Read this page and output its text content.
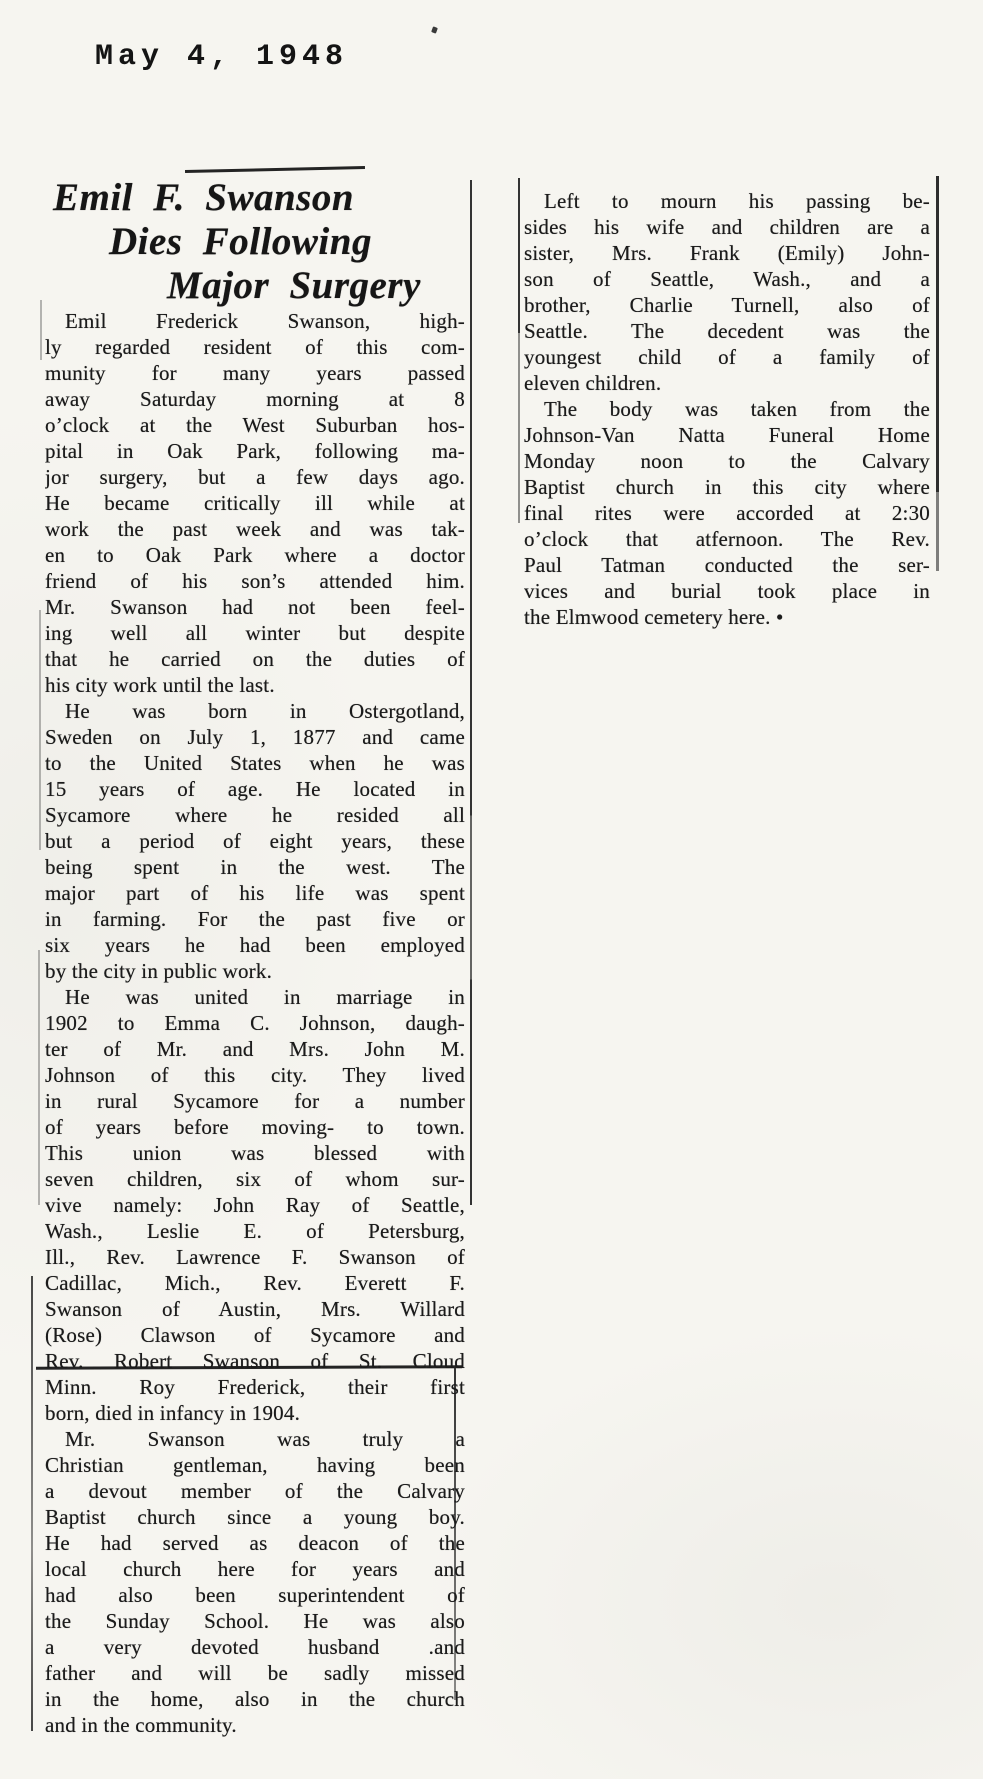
May 4, 1948
Emil F. Swanson
Dies Following
Major Surgery
Emil Frederick Swanson, high-
ly regarded resident of this com-
munity for many years passed
away Saturday morning at 8
o’clock at the West Suburban hos-
pital in Oak Park, following ma-
jor surgery, but a few days ago.
He became critically ill while at
work the past week and was tak-
en to Oak Park where a doctor
friend of his son’s attended him.
Mr. Swanson had not been feel-
ing well all winter but despite
that he carried on the duties of
his city work until the last.
He was born in Ostergotland,
Sweden on July 1, 1877 and came
to the United States when he was
15 years of age. He located in
Sycamore where he resided all
but a period of eight years, these
being spent in the west. The
major part of his life was spent
in farming. For the past five or
six years he had been employed
by the city in public work.
He was united in marriage in
1902 to Emma C. Johnson, daugh-
ter of Mr. and Mrs. John M.
Johnson of this city. They lived
in rural Sycamore for a number
of years before moving- to town.
This union was blessed with
seven children, six of whom sur-
vive namely: John Ray of Seattle,
Wash., Leslie E. of Petersburg,
Ill., Rev. Lawrence F. Swanson of
Cadillac, Mich., Rev. Everett F.
Swanson of Austin, Mrs. Willard
(Rose) Clawson of Sycamore and
Rev. Robert Swanson of St. Cloud
Minn. Roy Frederick, their first
born, died in infancy in 1904.
Mr. Swanson was truly a
Christian gentleman, having been
a devout member of the Calvary
Baptist church since a young boy.
He had served as deacon of the
local church here for years and
had also been superintendent of
the Sunday School. He was also
a very devoted husband .and
father and will be sadly missed
in the home, also in the church
and in the community.
Left to mourn his passing be-
sides his wife and children are a
sister, Mrs. Frank (Emily) John-
son of Seattle, Wash., and a
brother, Charlie Turnell, also of
Seattle. The decedent was the
youngest child of a family of
eleven children.
The body was taken from the
Johnson-Van Natta Funeral Home
Monday noon to the Calvary
Baptist church in this city where
final rites were accorded at 2:30
o’clock that atfernoon. The Rev.
Paul Tatman conducted the ser-
vices and burial took place in
the Elmwood cemetery here. •
